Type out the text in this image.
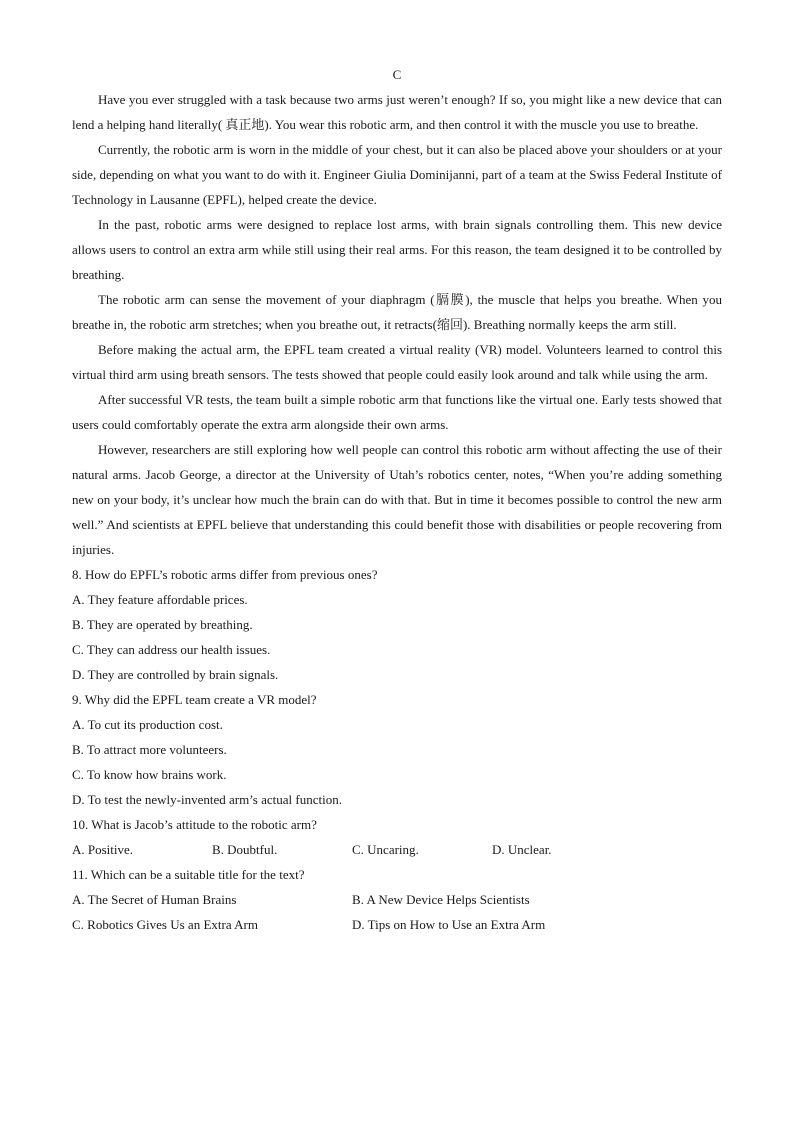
C

Have you ever struggled with a task because two arms just weren’t enough? If so, you might like a new device that can lend a helping hand literally( 真正地). You wear this robotic arm, and then control it with the muscle you use to breathe.

Currently, the robotic arm is worn in the middle of your chest, but it can also be placed above your shoulders or at your side, depending on what you want to do with it. Engineer Giulia Dominijanni, part of a team at the Swiss Federal Institute of Technology in Lausanne (EPFL), helped create the device.

In the past, robotic arms were designed to replace lost arms, with brain signals controlling them. This new device allows users to control an extra arm while still using their real arms. For this reason, the team designed it to be controlled by breathing.

The robotic arm can sense the movement of your diaphragm (膈膜), the muscle that helps you breathe. When you breathe in, the robotic arm stretches; when you breathe out, it retracts(缩回). Breathing normally keeps the arm still.

Before making the actual arm, the EPFL team created a virtual reality (VR) model. Volunteers learned to control this virtual third arm using breath sensors. The tests showed that people could easily look around and talk while using the arm.

After successful VR tests, the team built a simple robotic arm that functions like the virtual one. Early tests showed that users could comfortably operate the extra arm alongside their own arms.

However, researchers are still exploring how well people can control this robotic arm without affecting the use of their natural arms. Jacob George, a director at the University of Utah’s robotics center, notes, “When you’re adding something new on your body, it’s unclear how much the brain can do with that. But in time it becomes possible to control the new arm well.” And scientists at EPFL believe that understanding this could benefit those with disabilities or people recovering from injuries.

8. How do EPFL’s robotic arms differ from previous ones?

A. They feature affordable prices.

B. They are operated by breathing.

C. They can address our health issues.

D. They are controlled by brain signals.

9. Why did the EPFL team create a VR model?

A. To cut its production cost.

B. To attract more volunteers.

C. To know how brains work.

D. To test the newly-invented arm’s actual function.

10. What is Jacob’s attitude to the robotic arm?

A. Positive.	B. Doubtful.	C. Uncaring.	D. Unclear.

11. Which can be a suitable title for the text?

A. The Secret of Human Brains	B. A New Device Helps Scientists
C. Robotics Gives Us an Extra Arm	D. Tips on How to Use an Extra Arm
